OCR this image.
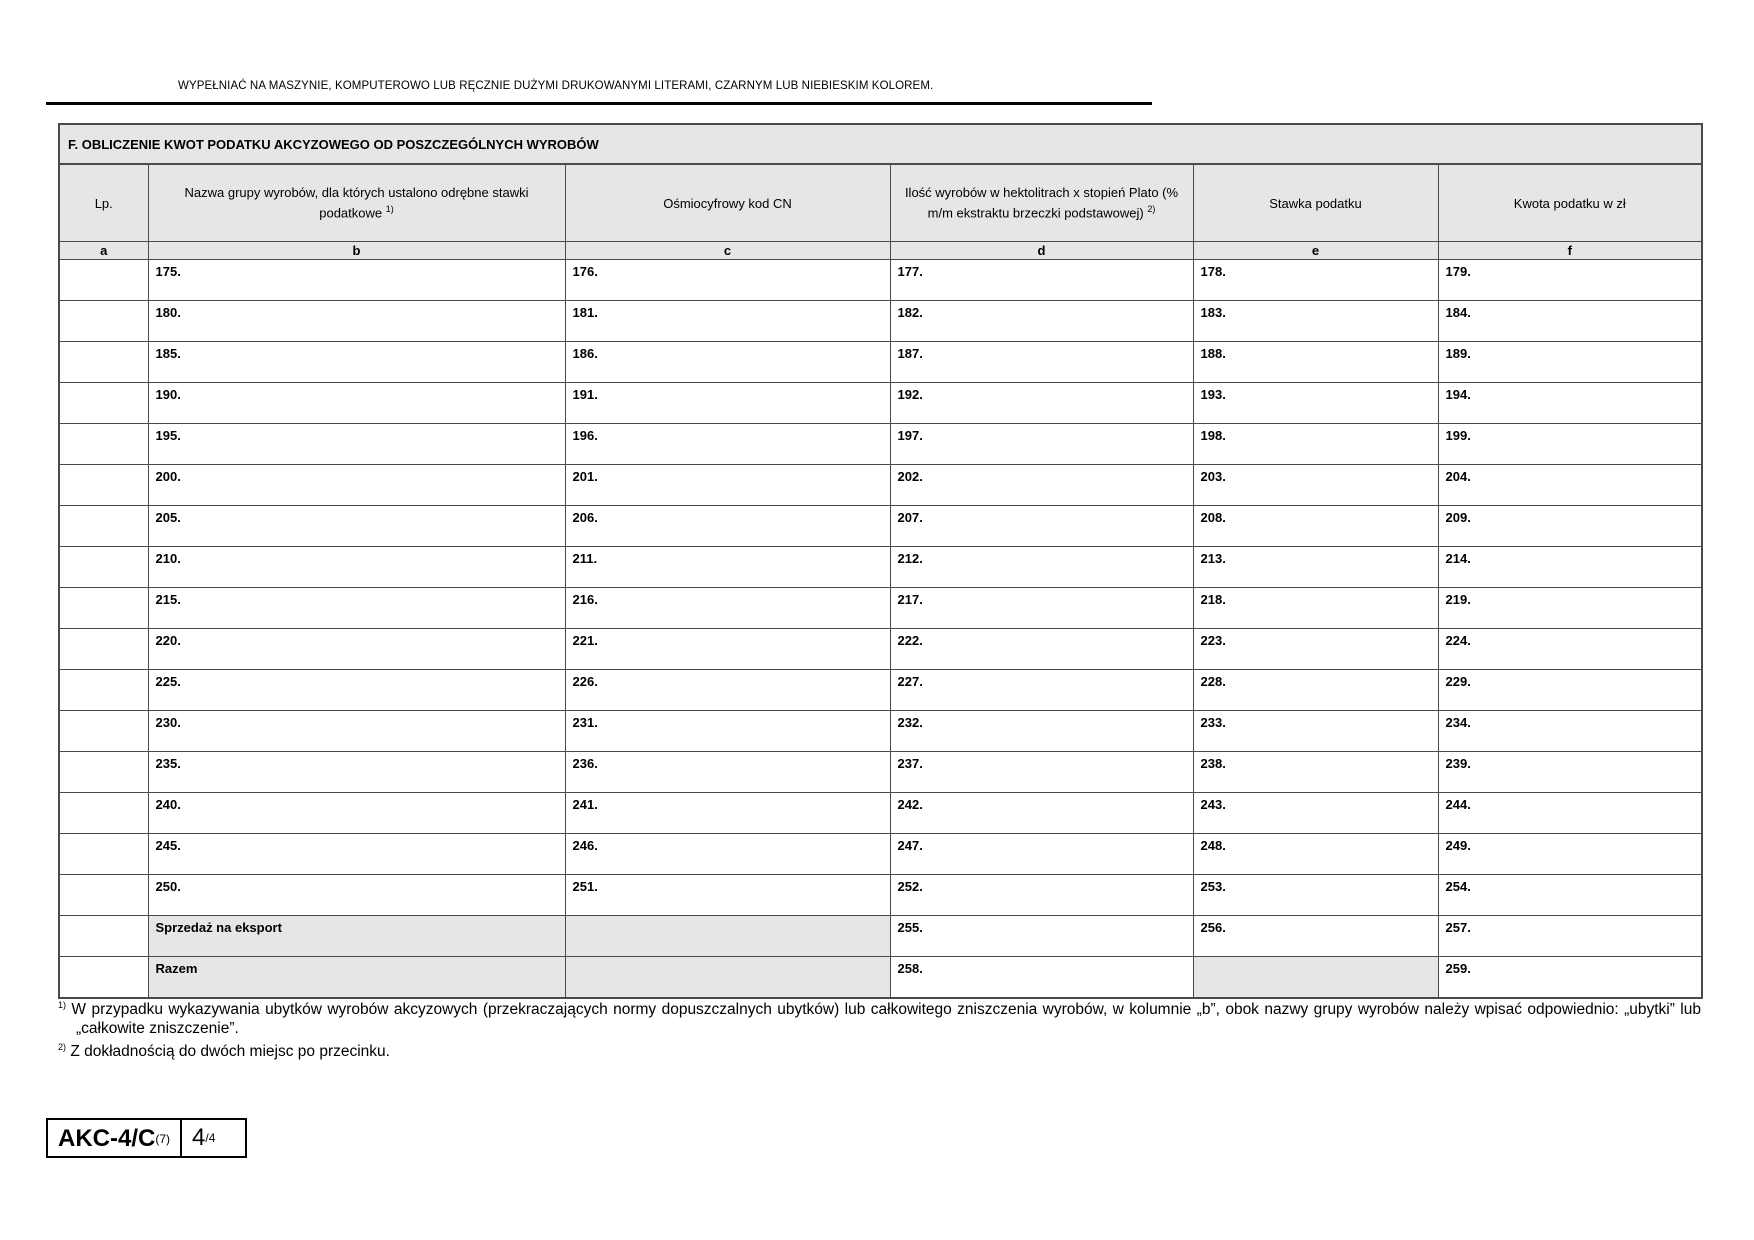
WYPEŁNIAĆ NA MASZYNIE, KOMPUTEROWO LUB RĘCZNIE DUŻYMI DRUKOWANYMI LITERAMI, CZARNYM LUB NIEBIESKIM KOLOREM.
F. OBLICZENIE KWOT PODATKU AKCYZOWEGO OD POSZCZEGÓLNYCH WYROBÓW					
Lp.	Nazwa grupy wyrobów, dla których ustalono odrębne stawki podatkowe $^{1)}$	Ośmiocyfrowy kod CN	Ilość wyrobów w hektolitrach x stopień Plato (% m/m ekstraktu brzeczki podstawowej) $^{2)}$	Stawka podatku	Kwota podatku w zł
a	b	c	d	e	f

	175.	176.	177.	178.	179.

	180.	181.	182.	183.	184.

	185.	186.	187.	188.	189.

	190.	191.	192.	193.	194.

	195.	196.	197.	198.	199.

	200.	201.	202.	203.	204.

	205.	206.	207.	208.	209.

	210.	211.	212.	213.	214.

	215.	216.	217.	218.	219.

	220.	221.	222.	223.	224.

	225.	226.	227.	228.	229.

	230.	231.	232.	233.	234.

	235.	236.	237.	238.	239.

	240.	241.	242.	243.	244.

	245.	246.	247.	248.	249.

	250.	251.	252.	253.	254.

	Sprzedaż na eksport		255.	256.	257.

	Razem		258.		259.
$^{1)}$ W przypadku wykazywania ubytków wyrobów akcyzowych (przekraczających normy dopuszczalnych ubytków) lub całkowitego zniszczenia wyrobów, w kolumnie „b”, obok nazwy grupy wyrobów należy wpisać odpowiednio: „ubytki” lub „całkowite zniszczenie”.
$^{2)}$ Z dokładnością do dwóch miejsc po przecinku.
AKC-4/C (7) 4 /4
